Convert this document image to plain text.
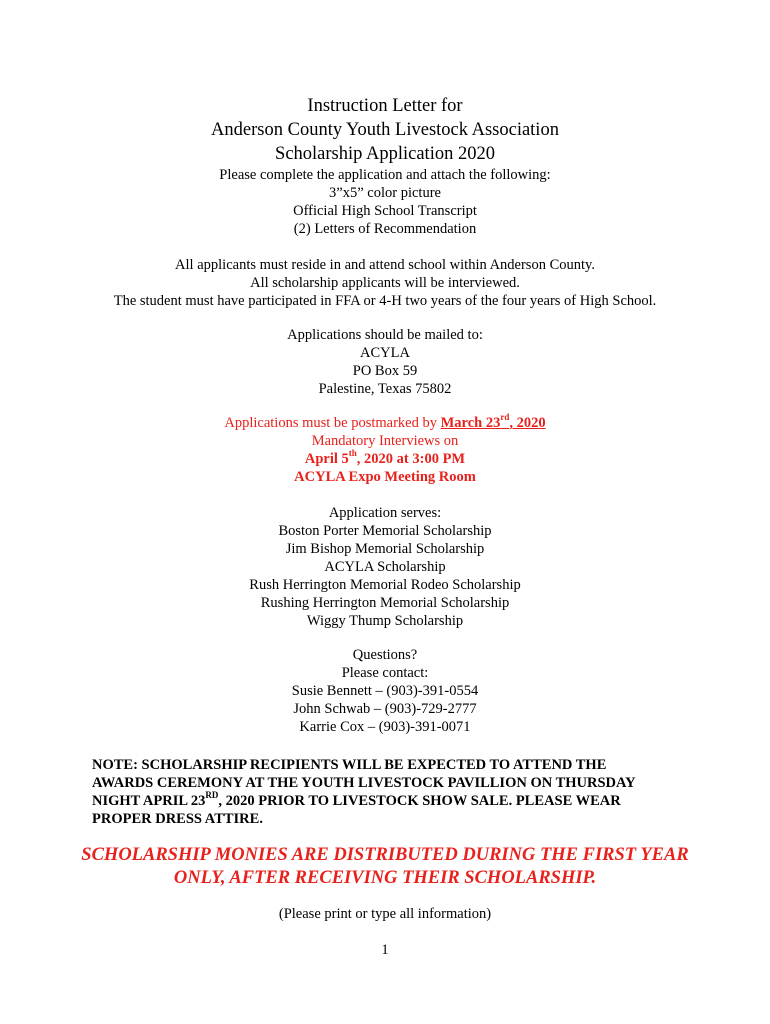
Instruction Letter for
Anderson County Youth Livestock Association
Scholarship Application 2020
Please complete the application and attach the following:
3”x5” color picture
Official High School Transcript
(2) Letters of Recommendation
All applicants must reside in and attend school within Anderson County.
All scholarship applicants will be interviewed.
The student must have participated in FFA or 4-H two years of the four years of High School.
Applications should be mailed to:
ACYLA
PO Box 59
Palestine, Texas 75802
Applications must be postmarked by March 23rd, 2020
Mandatory Interviews on
April 5th, 2020 at 3:00 PM
ACYLA Expo Meeting Room
Application serves:
Boston Porter Memorial Scholarship
Jim Bishop Memorial Scholarship
ACYLA Scholarship
Rush Herrington Memorial Rodeo Scholarship
Rushing Herrington Memorial Scholarship
Wiggy Thump Scholarship
Questions?
Please contact:
Susie Bennett – (903)-391-0554
John Schwab – (903)-729-2777
Karrie Cox – (903)-391-0071
NOTE: SCHOLARSHIP RECIPIENTS WILL BE EXPECTED TO ATTEND THE
AWARDS CEREMONY AT THE YOUTH LIVESTOCK PAVILLION ON THURSDAY
NIGHT APRIL 23RD, 2020 PRIOR TO LIVESTOCK SHOW SALE. PLEASE WEAR
PROPER DRESS ATTIRE.
SCHOLARSHIP MONIES ARE DISTRIBUTED DURING THE FIRST YEAR
ONLY, AFTER RECEIVING THEIR SCHOLARSHIP.
(Please print or type all information)
1
